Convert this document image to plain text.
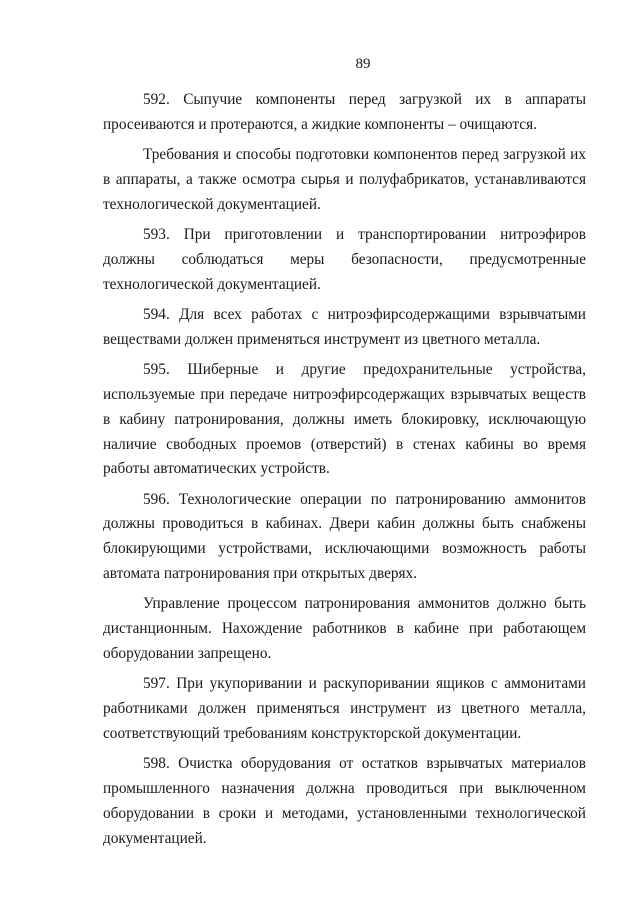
89

592. Сыпучие компоненты перед загрузкой их в аппараты просеиваются и протераются, а жидкие компоненты – очищаются.

Требования и способы подготовки компонентов перед загрузкой их в аппараты, а также осмотра сырья и полуфабрикатов, устанавливаются технологической документацией.

593. При приготовлении и транспортировании нитроэфиров должны соблюдаться меры безопасности, предусмотренные технологической документацией.

594. Для всех работах с нитроэфирсодержащими взрывчатыми веществами должен применяться инструмент из цветного металла.

595. Шиберные и другие предохранительные устройства, используемые при передаче нитроэфирсодержащих взрывчатых веществ в кабину патронирования, должны иметь блокировку, исключающую наличие свободных проемов (отверстий) в стенах кабины во время работы автоматических устройств.

596. Технологические операции по патронированию аммонитов должны проводиться в кабинах. Двери кабин должны быть снабжены блокирующими устройствами, исключающими возможность работы автомата патронирования при открытых дверях.

Управление процессом патронирования аммонитов должно быть дистанционным. Нахождение работников в кабине при работающем оборудовании запрещено.

597. При укупоривании и раскупоривании ящиков с аммонитами работниками должен применяться инструмент из цветного металла, соответствующий требованиям конструкторской документации.

598. Очистка оборудования от остатков взрывчатых материалов промышленного назначения должна проводиться при выключенном оборудовании в сроки и методами, установленными технологической документацией.
